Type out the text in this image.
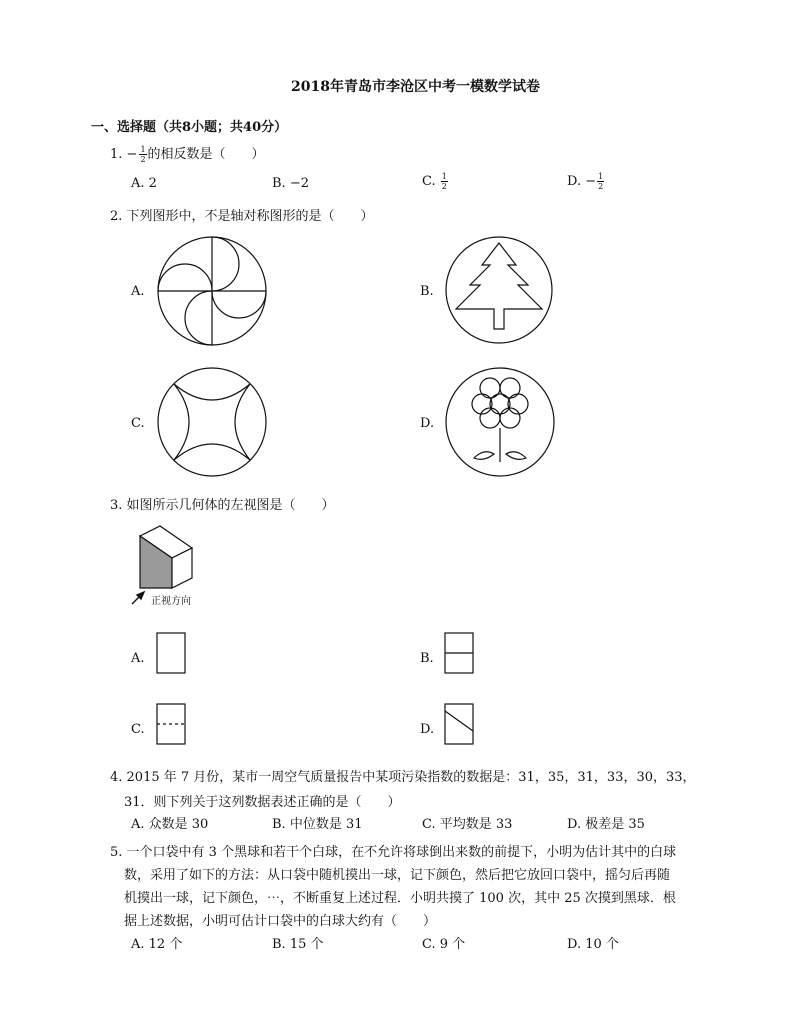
2018年青岛市李沧区中考一模数学试卷
一、选择题（共8小题；共40分）
1. − $\frac{1}{2}$ 的相反数是（　　）
A. 2	B. −2	C. $\frac{1}{2}$	D. − $\frac{1}{2}$
2. 下列图形中，不是轴对称图形的是（　　）
A.	B.
C.	D.
3. 如图所示几何体的左视图是（　　）
正视方向
A.	B.
C.	D.
4. 2015 年 7 月份，某市一周空气质量报告中某项污染指数的数据是：31，35，31，33，30，33，
31．则下列关于这列数据表述正确的是（　　）
A. 众数是 30	B. 中位数是 31	C. 平均数是 33	D. 极差是 35
5. 一个口袋中有 3 个黑球和若干个白球，在不允许将球倒出来数的前提下，小明为估计其中的白球
数，采用了如下的方法：从口袋中随机摸出一球，记下颜色，然后把它放回口袋中，摇匀后再随
机摸出一球，记下颜色，⋯，不断重复上述过程．小明共摸了 100 次，其中 25 次摸到黑球．根
据上述数据，小明可估计口袋中的白球大约有（　　）
A. 12 个	B. 15 个	C. 9 个	D. 10 个
